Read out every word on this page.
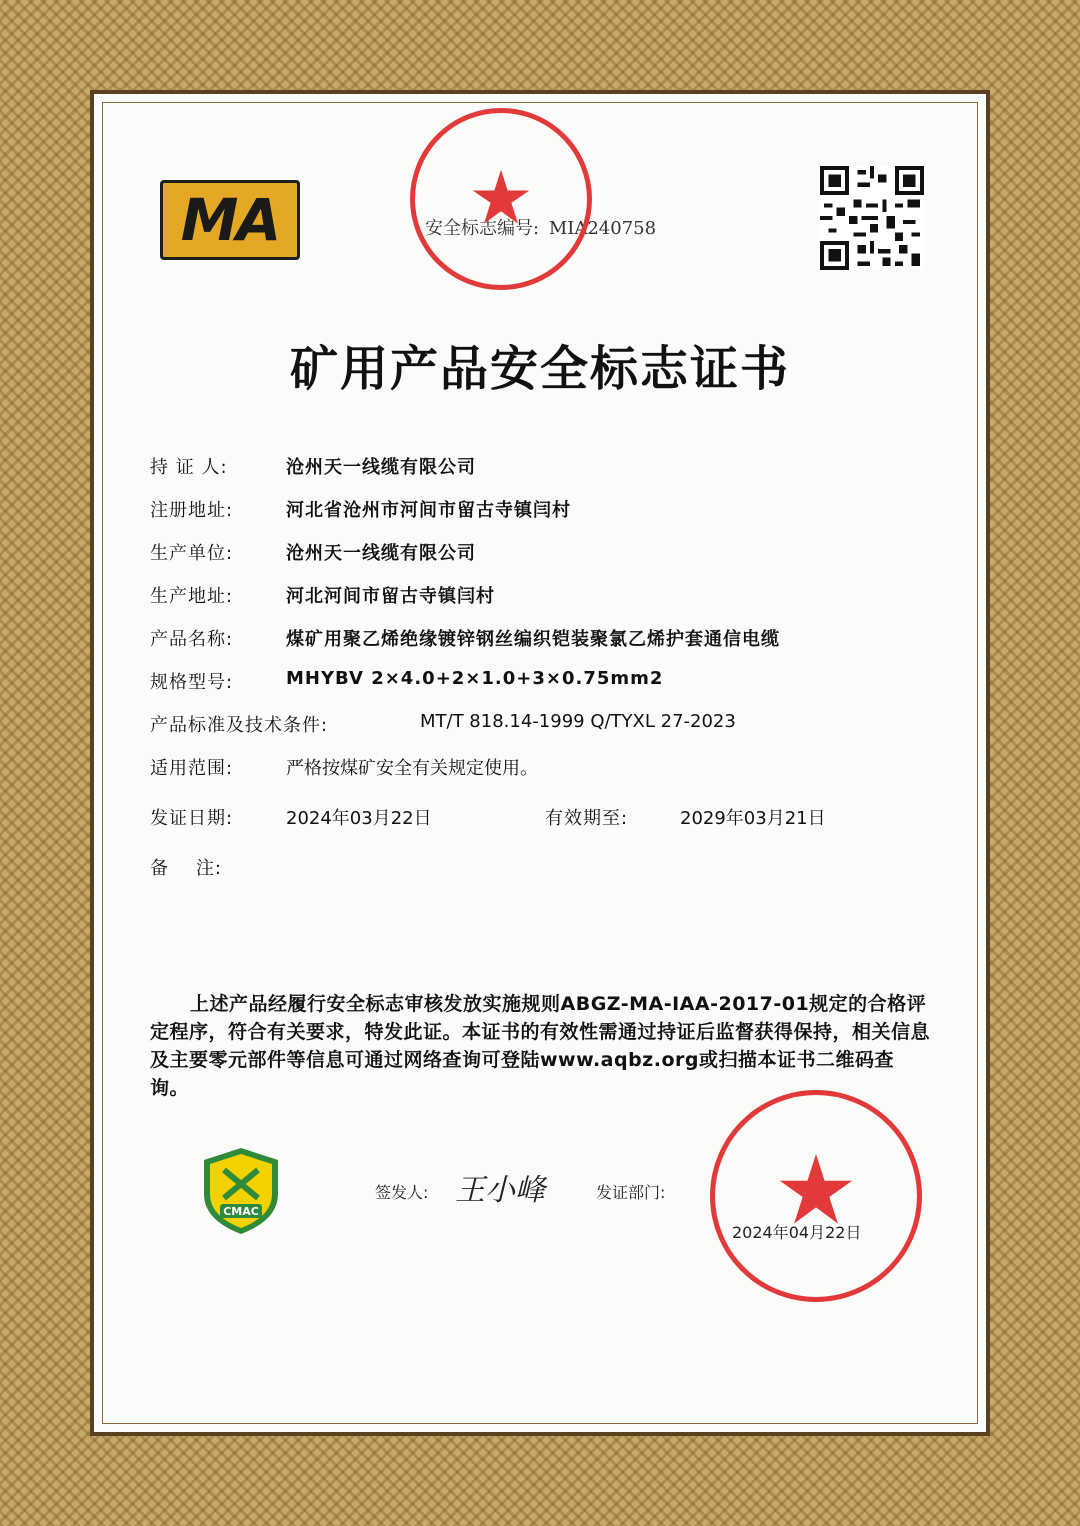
MA	安全标志编号: MIA240758
矿用产品安全标志证书
持 证 人:	沧州天一线缆有限公司
注册地址:	河北省沧州市河间市留古寺镇闫村
生产单位:	沧州天一线缆有限公司
生产地址:	河北河间市留古寺镇闫村
产品名称:	煤矿用聚乙烯绝缘镀锌钢丝编织铠装聚氯乙烯护套通信电缆
规格型号:	MHYBV 2×4.0+2×1.0+3×0.75mm2
产品标准及技术条件:	MT/T 818.14-1999 Q/TYXL 27-2023
适用范围:	严格按煤矿安全有关规定使用。
发证日期:	2024年03月22日	有效期至:	2029年03月21日
备    注:
上述产品经履行安全标志审核发放实施规则ABGZ-MA-IAA-2017-01规定的合格评定程序，符合有关要求，特发此证。本证书的有效性需通过持证后监督获得保持，相关信息及主要零元部件等信息可通过网络查询可登陆www.aqbz.org或扫描本证书二维码查询。
CMAC
签发人: 王小峰	发证部门:
2024年04月22日
